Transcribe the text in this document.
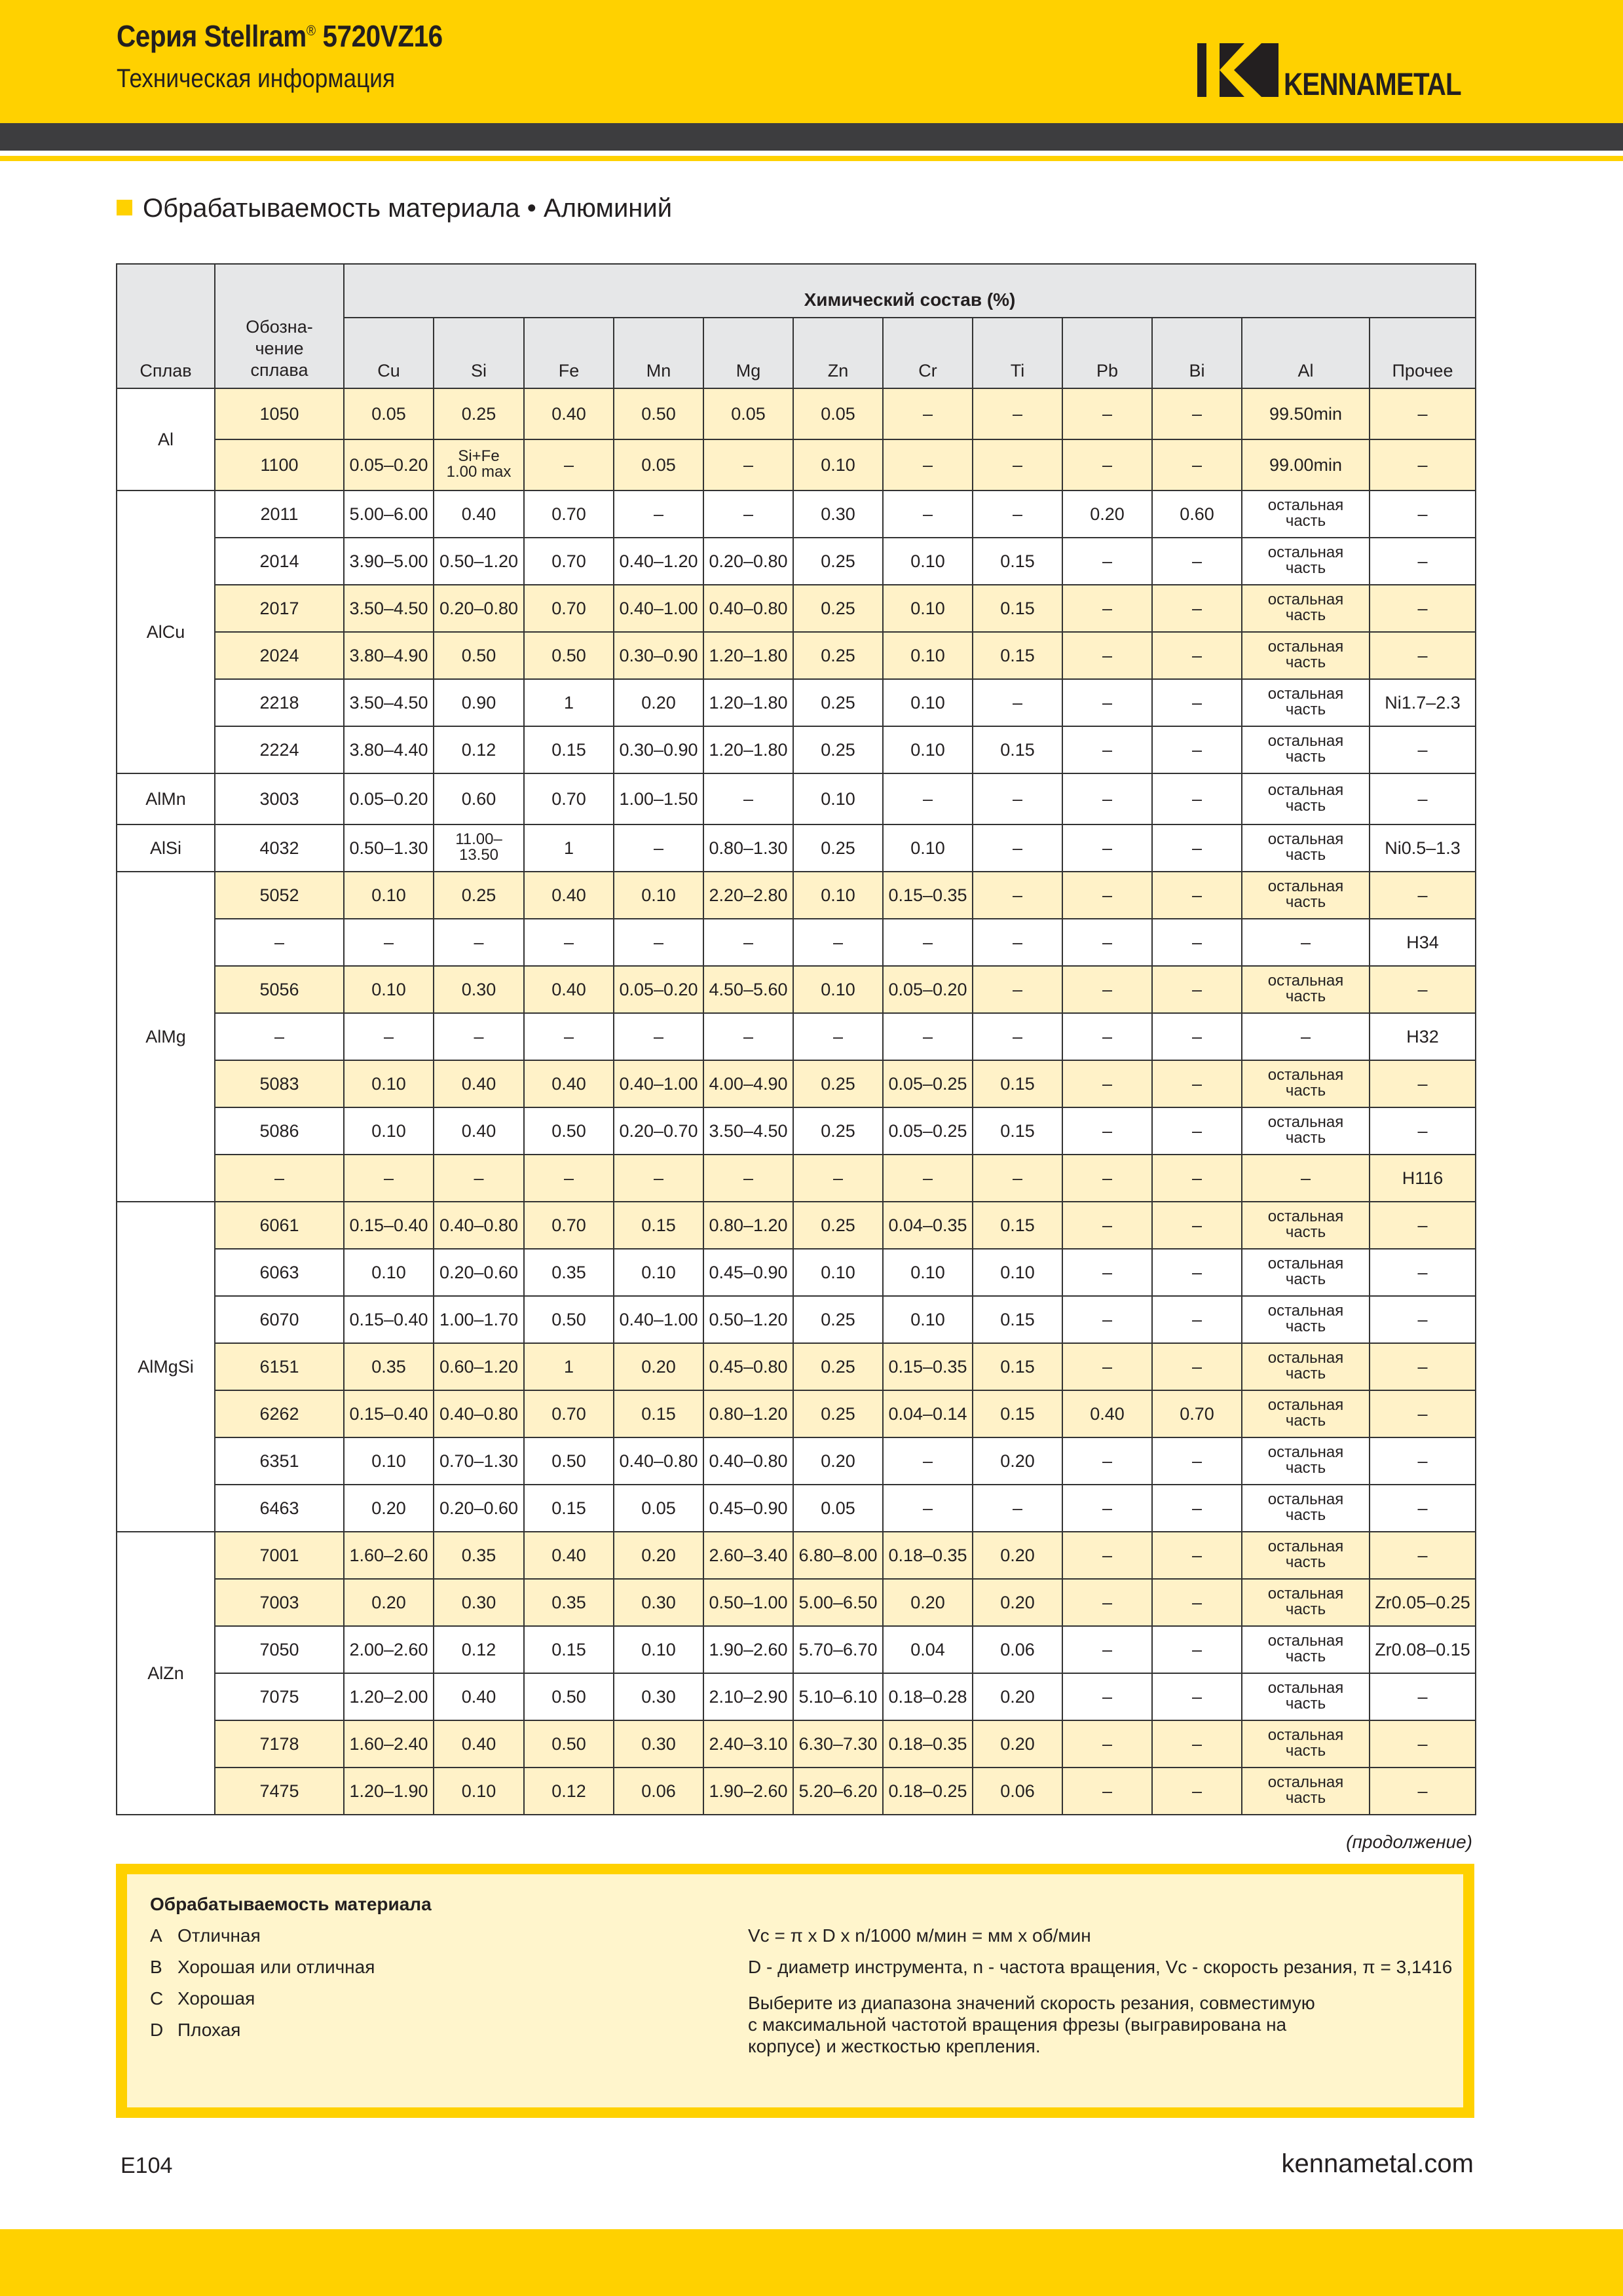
Серия Stellram® 5720VZ16
Техническая информация	KENNAMETAL
Обрабатываемость материала • Алюминий
Сплав	Обозна-
чение
сплава	Химический состав (%)											
		Cu	Si	Fe	Mn	Mg	Zn	Cr	Ti	Pb	Bi	Al	Прочее
Al	1050	0.05	0.25	0.40	0.50	0.05	0.05	–	–	–	–	99.50min	–
	1100	0.05–0.20	Si+Fe
1.00 max	–	0.05	–	0.10	–	–	–	–	99.00min	–
AlCu	2011	5.00–6.00	0.40	0.70	–	–	0.30	–	–	0.20	0.60	остальная
часть	–
	2014	3.90–5.00	0.50–1.20	0.70	0.40–1.20	0.20–0.80	0.25	0.10	0.15	–	–	остальная
часть	–
	2017	3.50–4.50	0.20–0.80	0.70	0.40–1.00	0.40–0.80	0.25	0.10	0.15	–	–	остальная
часть	–
	2024	3.80–4.90	0.50	0.50	0.30–0.90	1.20–1.80	0.25	0.10	0.15	–	–	остальная
часть	–
	2218	3.50–4.50	0.90	1	0.20	1.20–1.80	0.25	0.10	–	–	–	остальная
часть	Ni1.7–2.3
	2224	3.80–4.40	0.12	0.15	0.30–0.90	1.20–1.80	0.25	0.10	0.15	–	–	остальная
часть	–
AlMn	3003	0.05–0.20	0.60	0.70	1.00–1.50	–	0.10	–	–	–	–	остальная
часть	–
AlSi	4032	0.50–1.30	11.00–
13.50	1	–	0.80–1.30	0.25	0.10	–	–	–	остальная
часть	Ni0.5–1.3
AlMg	5052	0.10	0.25	0.40	0.10	2.20–2.80	0.10	0.15–0.35	–	–	–	остальная
часть	–
	–	–	–	–	–	–	–	–	–	–	–	–	H34
	5056	0.10	0.30	0.40	0.05–0.20	4.50–5.60	0.10	0.05–0.20	–	–	–	остальная
часть	–
	–	–	–	–	–	–	–	–	–	–	–	–	H32
	5083	0.10	0.40	0.40	0.40–1.00	4.00–4.90	0.25	0.05–0.25	0.15	–	–	остальная
часть	–
	5086	0.10	0.40	0.50	0.20–0.70	3.50–4.50	0.25	0.05–0.25	0.15	–	–	остальная
часть	–
	–	–	–	–	–	–	–	–	–	–	–	–	H116
AlMgSi	6061	0.15–0.40	0.40–0.80	0.70	0.15	0.80–1.20	0.25	0.04–0.35	0.15	–	–	остальная
часть	–
	6063	0.10	0.20–0.60	0.35	0.10	0.45–0.90	0.10	0.10	0.10	–	–	остальная
часть	–
	6070	0.15–0.40	1.00–1.70	0.50	0.40–1.00	0.50–1.20	0.25	0.10	0.15	–	–	остальная
часть	–
	6151	0.35	0.60–1.20	1	0.20	0.45–0.80	0.25	0.15–0.35	0.15	–	–	остальная
часть	–
	6262	0.15–0.40	0.40–0.80	0.70	0.15	0.80–1.20	0.25	0.04–0.14	0.15	0.40	0.70	остальная
часть	–
	6351	0.10	0.70–1.30	0.50	0.40–0.80	0.40–0.80	0.20	–	0.20	–	–	остальная
часть	–
	6463	0.20	0.20–0.60	0.15	0.05	0.45–0.90	0.05	–	–	–	–	остальная
часть	–
AlZn	7001	1.60–2.60	0.35	0.40	0.20	2.60–3.40	6.80–8.00	0.18–0.35	0.20	–	–	остальная
часть	–
	7003	0.20	0.30	0.35	0.30	0.50–1.00	5.00–6.50	0.20	0.20	–	–	остальная
часть	Zr0.05–0.25
	7050	2.00–2.60	0.12	0.15	0.10	1.90–2.60	5.70–6.70	0.04	0.06	–	–	остальная
часть	Zr0.08–0.15
	7075	1.20–2.00	0.40	0.50	0.30	2.10–2.90	5.10–6.10	0.18–0.28	0.20	–	–	остальная
часть	–
	7178	1.60–2.40	0.40	0.50	0.30	2.40–3.10	6.30–7.30	0.18–0.35	0.20	–	–	остальная
часть	–
	7475	1.20–1.90	0.10	0.12	0.06	1.90–2.60	5.20–6.20	0.18–0.25	0.06	–	–	остальная
часть	–
(продолжение)
Обрабатываемость материала
A Отличная
B Хорошая или отличная
C Хорошая
D Плохая
Vc = π x D x n/1000 м/мин = мм x об/мин
D - диаметр инструмента, n - частота вращения, Vc - скорость резания, π = 3,1416
Выберите из диапазона значений скорость резания, совместимую
с максимальной частотой вращения фрезы (выгравирована на
корпусе) и жесткостью крепления.
E104	kennametal.com
